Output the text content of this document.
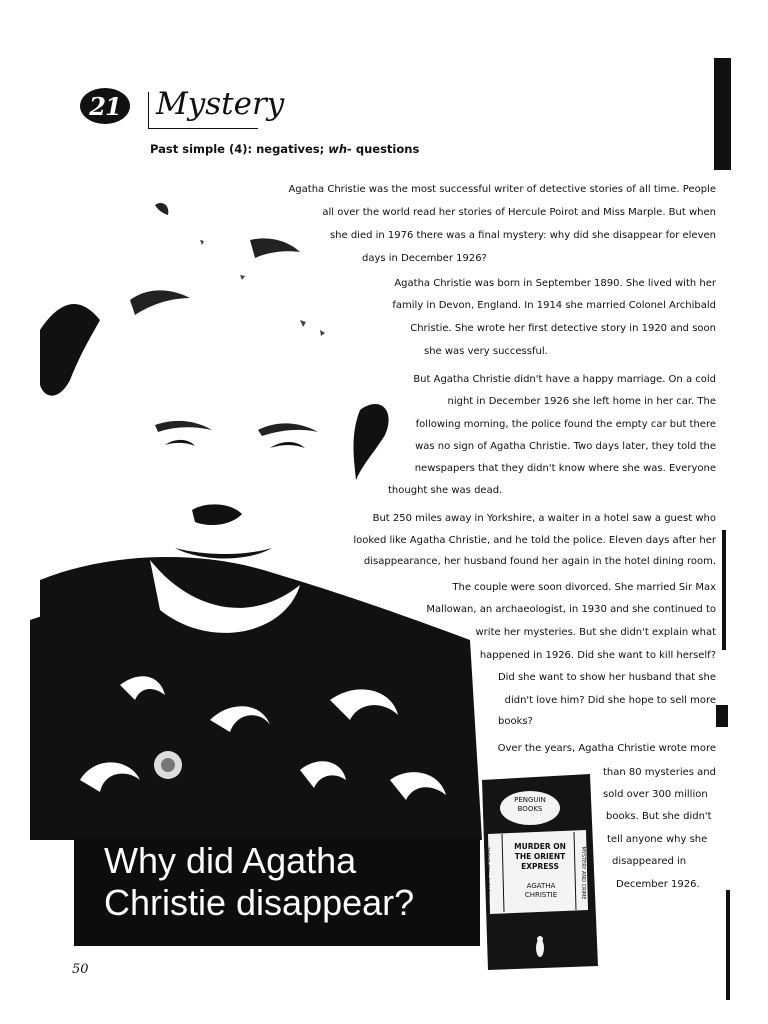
21 Mystery
Past simple (4): negatives; wh- questions
Agatha Christie was the most successful writer of detective stories of all time. People
all over the world read her stories of Hercule Poirot and Miss Marple. But when
she died in 1976 there was a final mystery: why did she disappear for eleven
days in December 1926?
Agatha Christie was born in September 1890. She lived with her
family in Devon, England. In 1914 she married Colonel Archibald
Christie. She wrote her first detective story in 1920 and soon
she was very successful.
But Agatha Christie didn't have a happy marriage. On a cold
night in December 1926 she left home in her car. The
following morning, the police found the empty car but there
was no sign of Agatha Christie. Two days later, they told the
newspapers that they didn't know where she was. Everyone
thought she was dead.
But 250 miles away in Yorkshire, a waiter in a hotel saw a guest who
looked like Agatha Christie, and he told the police. Eleven days after her
disappearance, her husband found her again in the hotel dining room.
The couple were soon divorced. She married Sir Max
Mallowan, an archaeologist, in 1930 and she continued to
write her mysteries. But she didn't explain what
happened in 1926. Did she want to kill herself?
Did she want to show her husband that she
didn't love him? Did she hope to sell more
books?
Over the years, Agatha Christie wrote more
than 80 mysteries and
sold over 300 million
books. But she didn't
tell anyone why she
disappeared in
December 1926.
Why did Agatha
Christie disappear?
PENGUIN
BOOKS
MURDER ON
THE ORIENT
EXPRESS
AGATHA
CHRISTIE
MYSTERY AND CRIME	MYSTERY AND CRIME
50
